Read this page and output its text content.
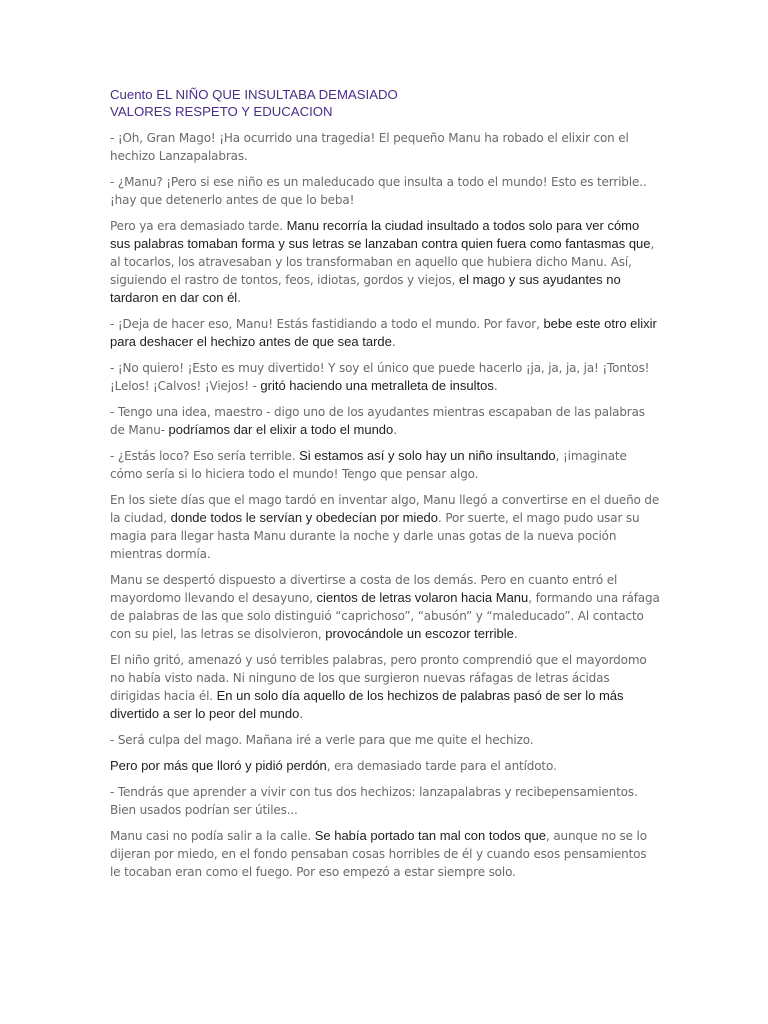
Cuento EL NIÑO QUE INSULTABA DEMASIADO

VALORES RESPETO Y EDUCACION

- ¡Oh, Gran Mago! ¡Ha ocurrido una tragedia! El pequeño Manu ha robado el elixir con el hechizo Lanzapalabras.

- ¿Manu? ¡Pero si ese niño es un maleducado que insulta a todo el mundo! Esto es terrible.. ¡hay que detenerlo antes de que lo beba!

Pero ya era demasiado tarde. Manu recorría la ciudad insultado a todos solo para ver cómo sus palabras tomaban forma y sus letras se lanzaban contra quien fuera como fantasmas que, al tocarlos, los atravesaban y los transformaban en aquello que hubiera dicho Manu. Así, siguiendo el rastro de tontos, feos, idiotas, gordos y viejos, el mago y sus ayudantes no tardaron en dar con él.

- ¡Deja de hacer eso, Manu! Estás fastidiando a todo el mundo. Por favor, bebe este otro elixir para deshacer el hechizo antes de que sea tarde.

- ¡No quiero! ¡Esto es muy divertido! Y soy el único que puede hacerlo ¡ja, ja, ja, ja! ¡Tontos! ¡Lelos! ¡Calvos! ¡Viejos! - gritó haciendo una metralleta de insultos.

- Tengo una idea, maestro - digo uno de los ayudantes mientras escapaban de las palabras de Manu- podríamos dar el elixir a todo el mundo.

- ¿Estás loco? Eso sería terrible. Si estamos así y solo hay un niño insultando, ¡imaginate cómo sería si lo hiciera todo el mundo! Tengo que pensar algo.

En los siete días que el mago tardó en inventar algo, Manu llegó a convertirse en el dueño de la ciudad, donde todos le servían y obedecían por miedo. Por suerte, el mago pudo usar su magia para llegar hasta Manu durante la noche y darle unas gotas de la nueva poción mientras dormía.

Manu se despertó dispuesto a divertirse a costa de los demás. Pero en cuanto entró el mayordomo llevando el desayuno, cientos de letras volaron hacia Manu, formando una ráfaga de palabras de las que solo distinguió “caprichoso”, “abusón” y “maleducado”. Al contacto con su piel, las letras se disolvieron, provocándole un escozor terrible.

El niño gritó, amenazó y usó terribles palabras, pero pronto comprendió que el mayordomo no había visto nada. Ni ninguno de los que surgieron nuevas ráfagas de letras ácidas dirigidas hacia él. En un solo día aquello de los hechizos de palabras pasó de ser lo más divertido a ser lo peor del mundo.

- Será culpa del mago. Mañana iré a verle para que me quite el hechizo.

Pero por más que lloró y pidió perdón, era demasiado tarde para el antídoto.

- Tendrás que aprender a vivir con tus dos hechizos: lanzapalabras y recibepensamientos. Bien usados podrían ser útiles...

Manu casi no podía salir a la calle. Se había portado tan mal con todos que, aunque no se lo dijeran por miedo, en el fondo pensaban cosas horribles de él y cuando esos pensamientos le tocaban eran como el fuego. Por eso empezó a estar siempre solo.
